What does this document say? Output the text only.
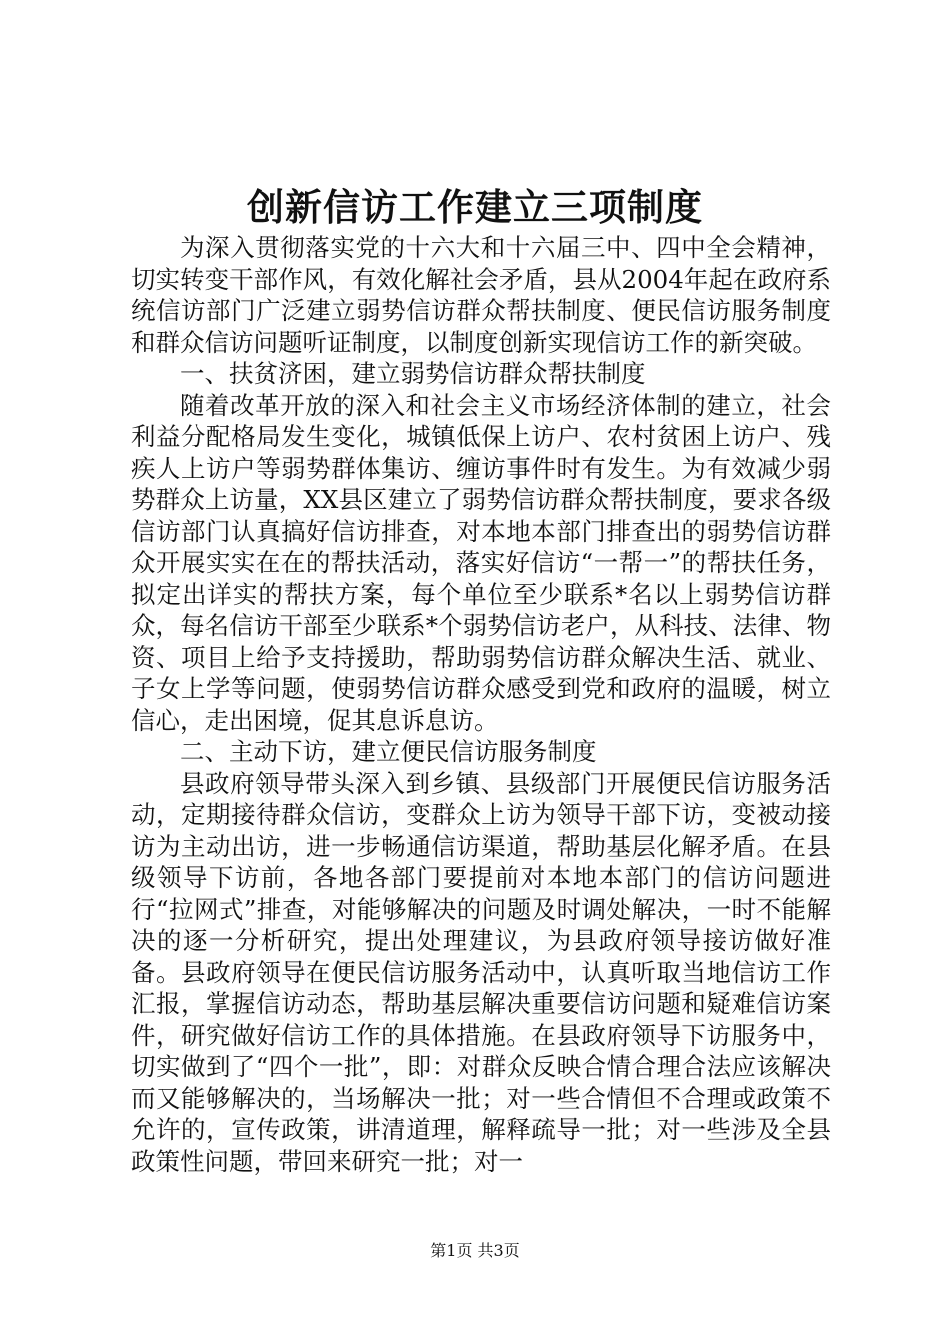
创新信访工作建立三项制度

为深入贯彻落实党的十六大和十六届三中、四中全会精神，切实转变干部作风，有效化解社会矛盾，县从2004年起在政府系统信访部门广泛建立弱势信访群众帮扶制度、便民信访服务制度和群众信访问题听证制度，以制度创新实现信访工作的新突破。

一、扶贫济困，建立弱势信访群众帮扶制度

随着改革开放的深入和社会主义市场经济体制的建立，社会利益分配格局发生变化，城镇低保上访户、农村贫困上访户、残疾人上访户等弱势群体集访、缠访事件时有发生。为有效减少弱势群众上访量，XX县区建立了弱势信访群众帮扶制度，要求各级信访部门认真搞好信访排查，对本地本部门排查出的弱势信访群众开展实实在在的帮扶活动，落实好信访“一帮一”的帮扶任务，拟定出详实的帮扶方案，每个单位至少联系*名以上弱势信访群众，每名信访干部至少联系*个弱势信访老户，从科技、法律、物资、项目上给予支持援助，帮助弱势信访群众解决生活、就业、子女上学等问题，使弱势信访群众感受到党和政府的温暖，树立信心，走出困境，促其息诉息访。

二、主动下访，建立便民信访服务制度

县政府领导带头深入到乡镇、县级部门开展便民信访服务活动，定期接待群众信访，变群众上访为领导干部下访，变被动接访为主动出访，进一步畅通信访渠道，帮助基层化解矛盾。在县级领导下访前，各地各部门要提前对本地本部门的信访问题进行“拉网式”排查，对能够解决的问题及时调处解决，一时不能解决的逐一分析研究，提出处理建议，为县政府领导接访做好准备。县政府领导在便民信访服务活动中，认真听取当地信访工作汇报，掌握信访动态，帮助基层解决重要信访问题和疑难信访案件，研究做好信访工作的具体措施。在县政府领导下访服务中，切实做到了“四个一批”，即：对群众反映合情合理合法应该解决而又能够解决的，当场解决一批；对一些合情但不合理或政策不允许的，宣传政策，讲清道理，解释疏导一批；对一些涉及全县政策性问题，带回来研究一批；对一

第1页 共3页
